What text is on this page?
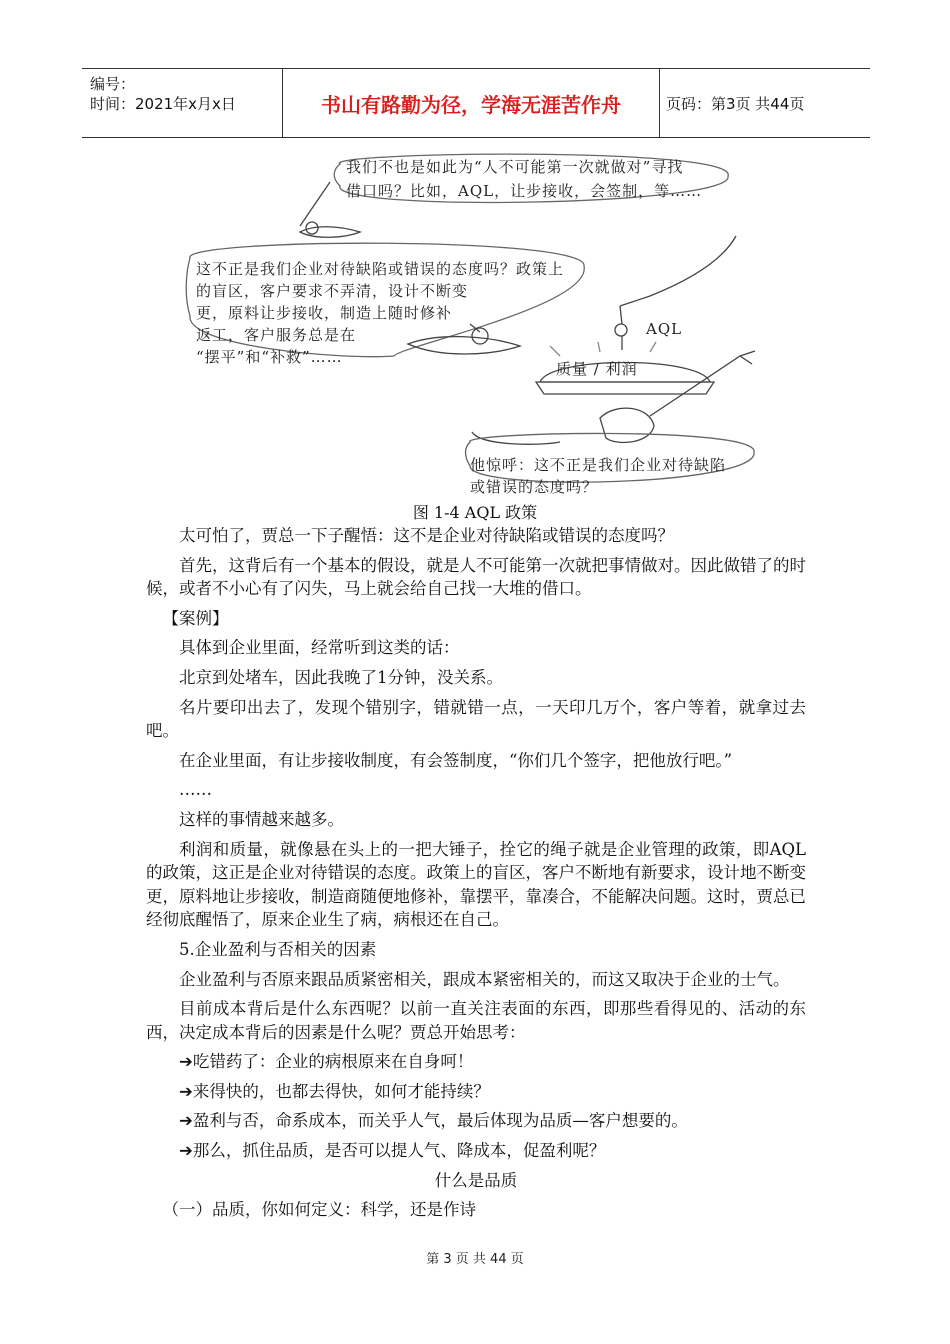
编号：
时间：2021年x月x日	书山有路勤为径，学海无涯苦作舟	页码：第3页 共44页
我们不也是如此为“人不可能第一次就做对”寻找
借口吗？比如，AQL，让步接收，会签制，等……
这不正是我们企业对待缺陷或错误的态度吗？政策上
的盲区，客户要求不弄清，设计不断变
更，原料让步接收，制造上随时修补
返工，客户服务总是在
“摆平”和“补救”……
AQL
质量 / 利润
他惊呼：这不正是我们企业对待缺陷
或错误的态度吗？
图 1-4 AQL 政策

太可怕了，贾总一下子醒悟：这不是企业对待缺陷或错误的态度吗？

首先，这背后有一个基本的假设，就是人不可能第一次就把事情做对。因此做错了的时候，或者不小心有了闪失，马上就会给自己找一大堆的借口。

【案例】

具体到企业里面，经常听到这类的话：

北京到处堵车，因此我晚了1分钟，没关系。

名片要印出去了，发现个错别字，错就错一点，一天印几万个，客户等着，就拿过去吧。

在企业里面，有让步接收制度，有会签制度，“你们几个签字，把他放行吧。”

……

这样的事情越来越多。

利润和质量，就像悬在头上的一把大锤子，拴它的绳子就是企业管理的政策，即AQL的政策，这正是企业对待错误的态度。政策上的盲区，客户不断地有新要求，设计地不断变更，原料地让步接收，制造商随便地修补，靠摆平，靠凑合，不能解决问题。这时，贾总已经彻底醒悟了，原来企业生了病，病根还在自己。

5.企业盈利与否相关的因素

企业盈利与否原来跟品质紧密相关，跟成本紧密相关的，而这又取决于企业的士气。

目前成本背后是什么东西呢？以前一直关注表面的东西，即那些看得见的、活动的东西，决定成本背后的因素是什么呢？贾总开始思考：

➔吃错药了：企业的病根原来在自身呵！

➔来得快的，也都去得快，如何才能持续？

➔盈利与否，命系成本，而关乎人气，最后体现为品质—客户想要的。

➔那么，抓住品质，是否可以提人气、降成本，促盈利呢？

什么是品质

（一）品质，你如何定义：科学，还是作诗

第 3 页 共 44 页
